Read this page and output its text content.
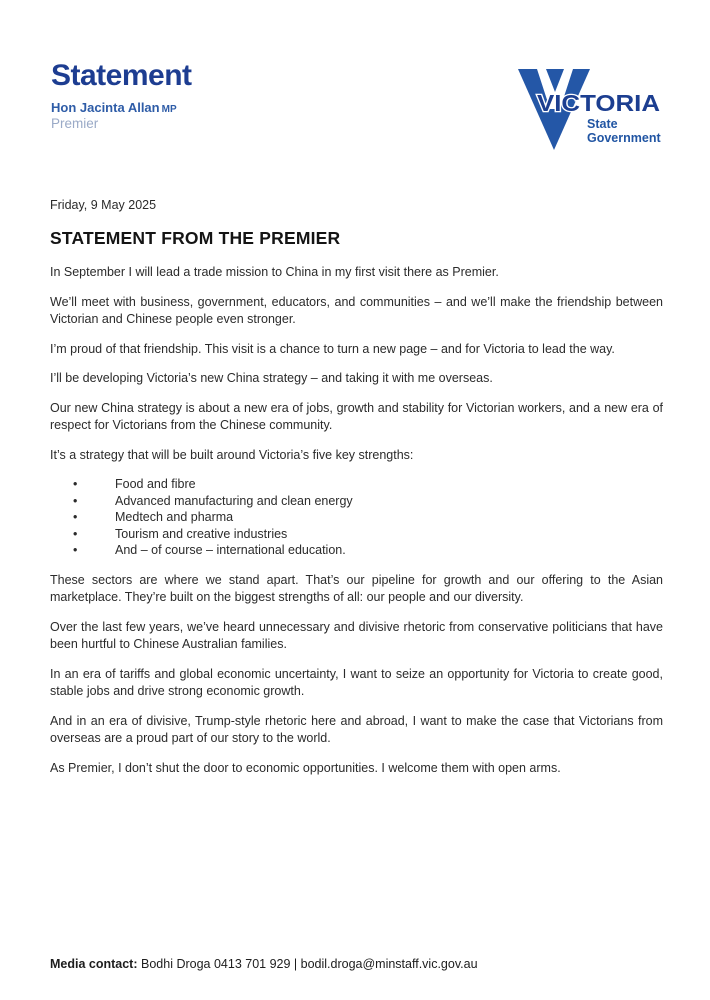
Statement
Hon Jacinta Allan MP
Premier
VICTORIA
State
Government

Friday, 9 May 2025

STATEMENT FROM THE PREMIER

In September I will lead a trade mission to China in my first visit there as Premier.

We’ll meet with business, government, educators, and communities – and we’ll make the friendship between Victorian and Chinese people even stronger.

I’m proud of that friendship. This visit is a chance to turn a new page – and for Victoria to lead the way.

I’ll be developing Victoria’s new China strategy – and taking it with me overseas.

Our new China strategy is about a new era of jobs, growth and stability for Victorian workers, and a new era of respect for Victorians from the Chinese community.

It’s a strategy that will be built around Victoria’s five key strengths:

• Food and fibre
• Advanced manufacturing and clean energy
• Medtech and pharma
• Tourism and creative industries
• And – of course – international education.

These sectors are where we stand apart. That’s our pipeline for growth and our offering to the Asian marketplace. They’re built on the biggest strengths of all: our people and our diversity.

Over the last few years, we’ve heard unnecessary and divisive rhetoric from conservative politicians that have been hurtful to Chinese Australian families.

In an era of tariffs and global economic uncertainty, I want to seize an opportunity for Victoria to create good, stable jobs and drive strong economic growth.

And in an era of divisive, Trump-style rhetoric here and abroad, I want to make the case that Victorians from overseas are a proud part of our story to the world.

As Premier, I don’t shut the door to economic opportunities. I welcome them with open arms.

Media contact: Bodhi Droga 0413 701 929 | bodil.droga@minstaff.vic.gov.au
